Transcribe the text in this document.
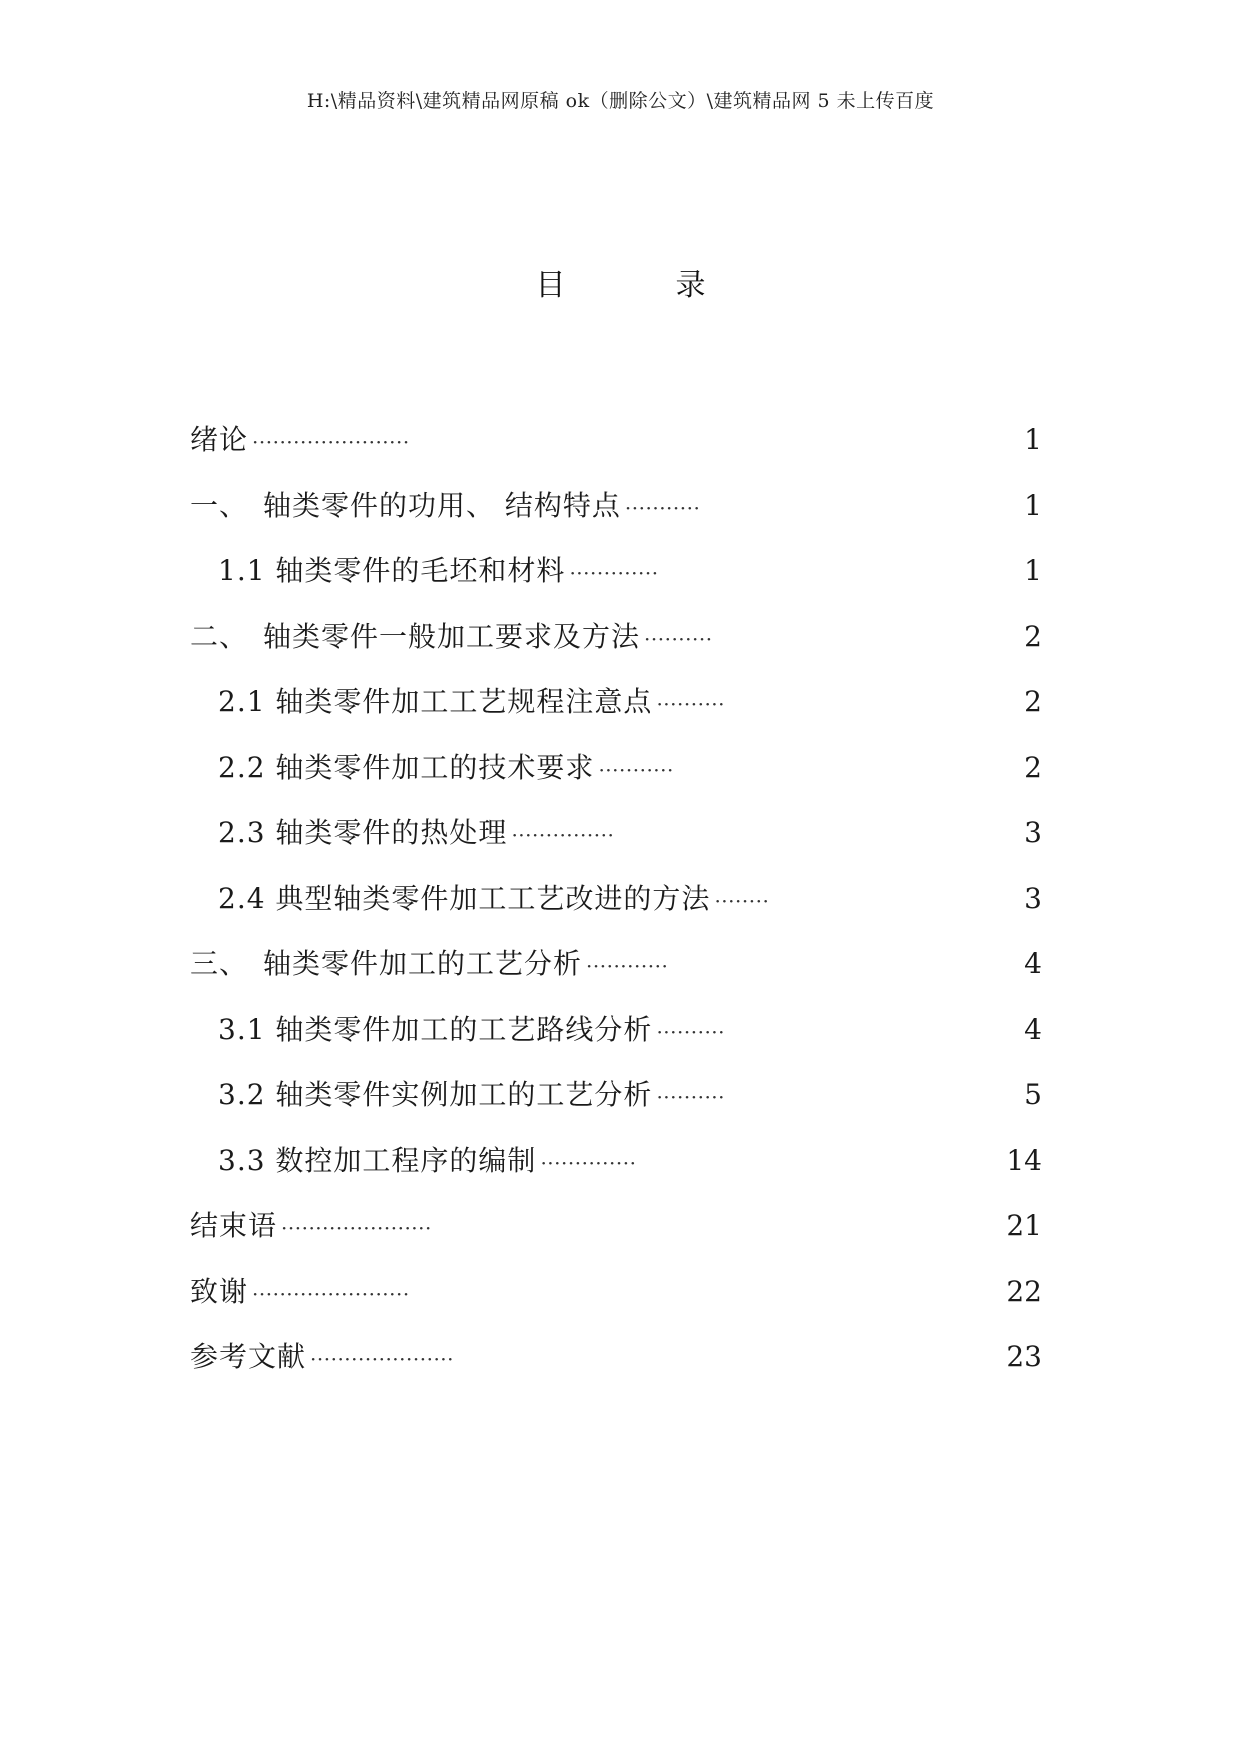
H:\精品资料\建筑精品网原稿 ok（删除公文）\建筑精品网 5 未上传百度
目　录
绪论 ·······················	1
一、　轴类零件的功用、 结构特点 ···········	1
1.1 轴类零件的毛坯和材料 ·············	1
二、　轴类零件一般加工要求及方法 ··········	2
2.1 轴类零件加工工艺规程注意点 ··········	2
2.2 轴类零件加工的技术要求 ···········	2
2.3 轴类零件的热处理 ···············	3
2.4 典型轴类零件加工工艺改进的方法 ········	3
三、　轴类零件加工的工艺分析 ············	4
3.1 轴类零件加工的工艺路线分析 ··········	4
3.2 轴类零件实例加工的工艺分析 ··········	5
3.3 数控加工程序的编制 ··············	14
结束语 ······················	21
致谢 ·······················	22
参考文献 ·····················	23
